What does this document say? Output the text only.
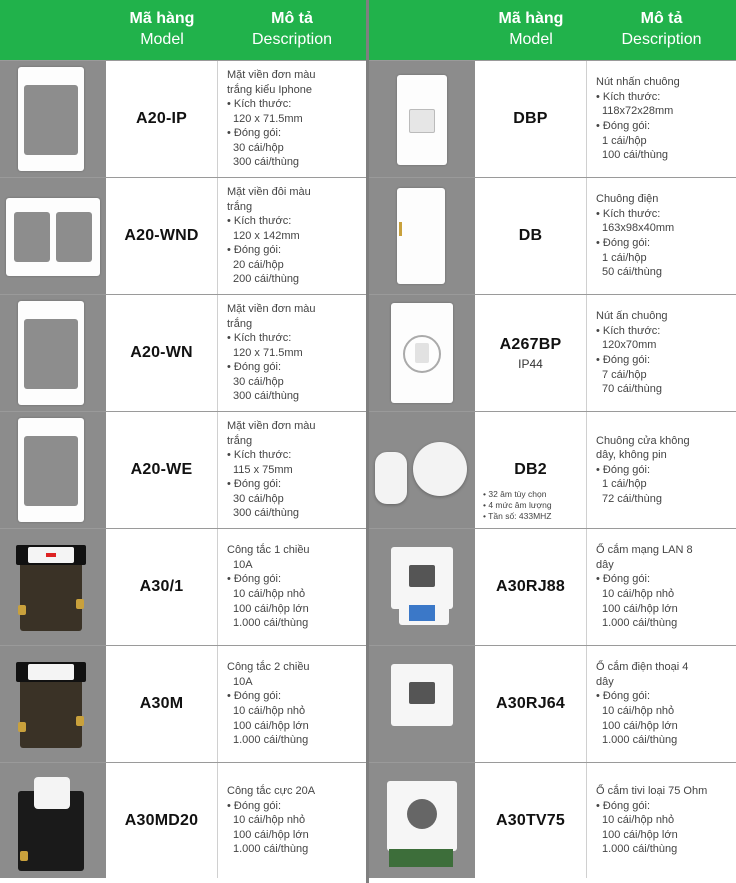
Mã hàng
Model
Mô tả
Description
A20-IP
Mặt viền đơn màu
trắng kiểu Iphone
• Kích thước:
120 x 71.5mm
• Đóng gói:
30 cái/hộp
300 cái/thùng
A20-WND
Mặt viền đôi màu
trắng
• Kích thước:
120 x 142mm
• Đóng gói:
20 cái/hộp
200 cái/thùng
A20-WN
Mặt viền đơn màu
trắng
• Kích thước:
120 x 71.5mm
• Đóng gói:
30 cái/hộp
300 cái/thùng
A20-WE
Mặt viền đơn màu
trắng
• Kích thước:
115 x 75mm
• Đóng gói:
30 cái/hộp
300 cái/thùng
A30/1
Công tắc 1 chiều
10A
• Đóng gói:
10 cái/hộp nhỏ
100 cái/hộp lớn
1.000 cái/thùng
A30M
Công tắc 2 chiều
10A
• Đóng gói:
10 cái/hộp nhỏ
100 cái/hộp lớn
1.000 cái/thùng
A30MD20
Công tắc cực 20A
• Đóng gói:
10 cái/hộp nhỏ
100 cái/hộp lớn
1.000 cái/thùng
Mã hàng
Model
Mô tả
Description
DBP
Nút nhấn chuông
• Kích thước:
118x72x28mm
• Đóng gói:
1 cái/hộp
100 cái/thùng
DB
Chuông điện
• Kích thước:
163x98x40mm
• Đóng gói:
1 cái/hộp
50 cái/thùng
A267BP
IP44
Nút ấn chuông
• Kích thước:
120x70mm
• Đóng gói:
7 cái/hộp
70 cái/thùng
DB2
• 32 âm tùy chọn
• 4 mức âm lượng
• Tần số: 433MHZ
Chuông cửa không
dây, không pin
• Đóng gói:
1 cái/hộp
72 cái/thùng
A30RJ88
Ổ cắm mạng LAN 8
dây
• Đóng gói:
10 cái/hộp nhỏ
100 cái/hộp lớn
1.000 cái/thùng
A30RJ64
Ổ cắm điện thoại 4
dây
• Đóng gói:
10 cái/hộp nhỏ
100 cái/hộp lớn
1.000 cái/thùng
A30TV75
Ổ cắm tivi loại 75 Ohm
• Đóng gói:
10 cái/hộp nhỏ
100 cái/hộp lớn
1.000 cái/thùng
